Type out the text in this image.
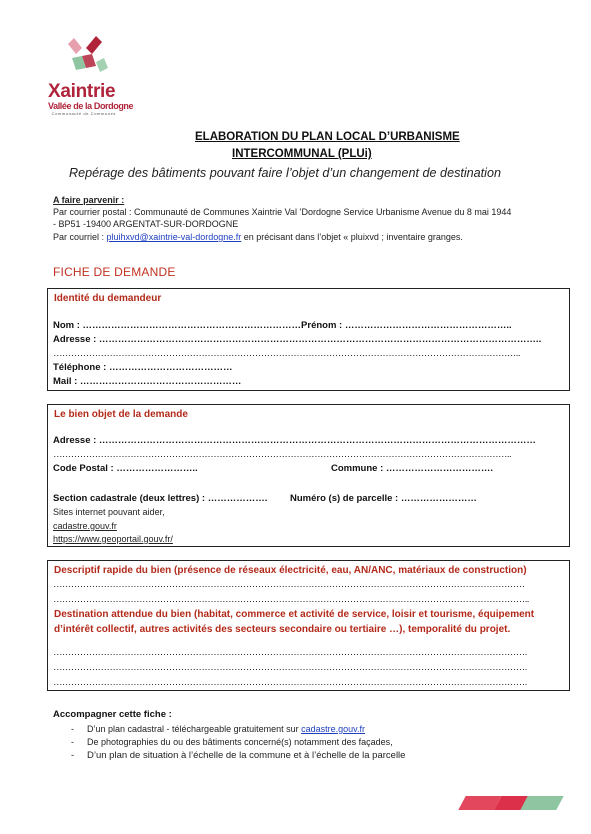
Xaintrie
Vallée de la Dordogne
Communauté de Communes
ELABORATION DU PLAN LOCAL D’URBANISME
INTERCOMMUNAL (PLUi)
Repérage des bâtiments pouvant faire l’objet d’un changement de destination
A faire parvenir :
Par courrier postal : Communauté de Communes Xaintrie Val ’Dordogne Service Urbanisme Avenue du 8 mai 1944
- BP51 -19400 ARGENTAT-SUR-DORDOGNE
Par courriel : pluihxvd@xaintrie-val-dordogne.fr en précisant dans l’objet « pluixvd ; inventaire granges.
FICHE DE DEMANDE
Identité du demandeur
Nom : ……………………………………………………………Prénom : ……………………………………………..
Adresse : …………………………………………………………………………………………………………………………..
…………………………………………………………………………………………………………………………………………..
Téléphone : …………………………………
Mail : ……………………………………………
Le bien objet de la demande
Adresse : …………………………………………………………………………………………………………………………
………………………………………………………………………………………………………………………………………..
Code Postal : ……………………..	Commune : …………………………….
Section cadastrale (deux lettres) : ………………. Numéro (s) de parcelle : ……………………
Sites internet pouvant aider,
cadastre.gouv.fr
https://www.geoportail.gouv.fr/
Descriptif rapide du bien (présence de réseaux électricité, eau, AN/ANC, matériaux de construction)
……………………………………………………………………………………………………………………………………………
……………………………………………………………………………………………………………………………………………..
Destination attendue du bien (habitat, commerce et activité de service, loisir et tourisme, équipement
d’intérêt collectif, autres activités des secteurs secondaire ou tertiaire …), temporalité du projet.
…………………………………………………………………………………………………………………………………………….
…………………………………………………………………………………………………………………………………………….
…………………………………………………………………………………………………………………………………………….
Accompagner cette fiche :
- D’un plan cadastral - téléchargeable gratuitement sur cadastre.gouv.fr
- De photographies du ou des bâtiments concerné(s) notamment des façades,
- D’un plan de situation à l’échelle de la commune et à l’échelle de la parcelle
